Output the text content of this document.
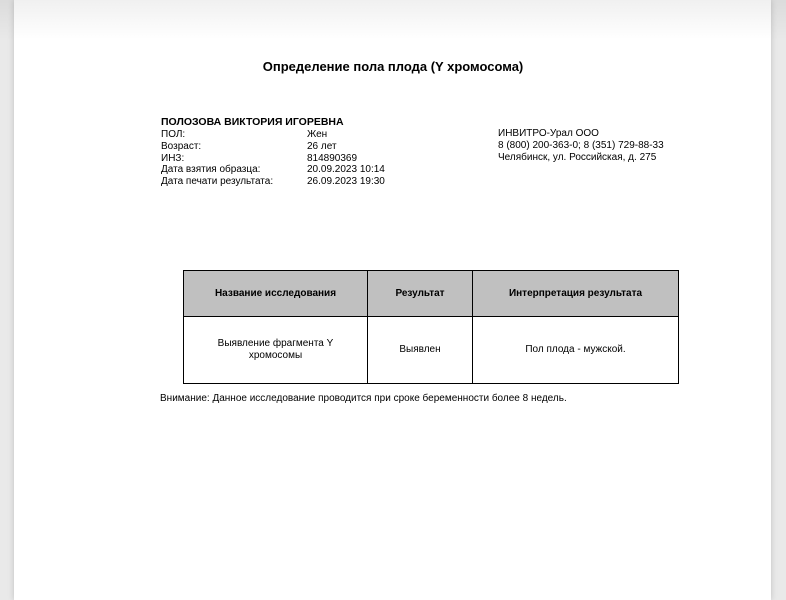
Определение пола плода (Y хромосома)
ПОЛОЗОВА ВИКТОРИЯ ИГОРЕВНА
ПОЛ:	Жен
Возраст:	26 лет
ИНЗ:	814890369
Дата взятия образца:	20.09.2023 10:14
Дата печати результата:	26.09.2023 19:30
ИНВИТРО-Урал ООО
8 (800) 200-363-0; 8 (351) 729-88-33
Челябинск, ул. Российская, д. 275
Название исследования	Результат	Интерпретация результата
Выявление фрагмента Y
хромосомы	Выявлен	Пол плода - мужской.
Внимание: Данное исследование проводится при сроке беременности более 8 недель.
